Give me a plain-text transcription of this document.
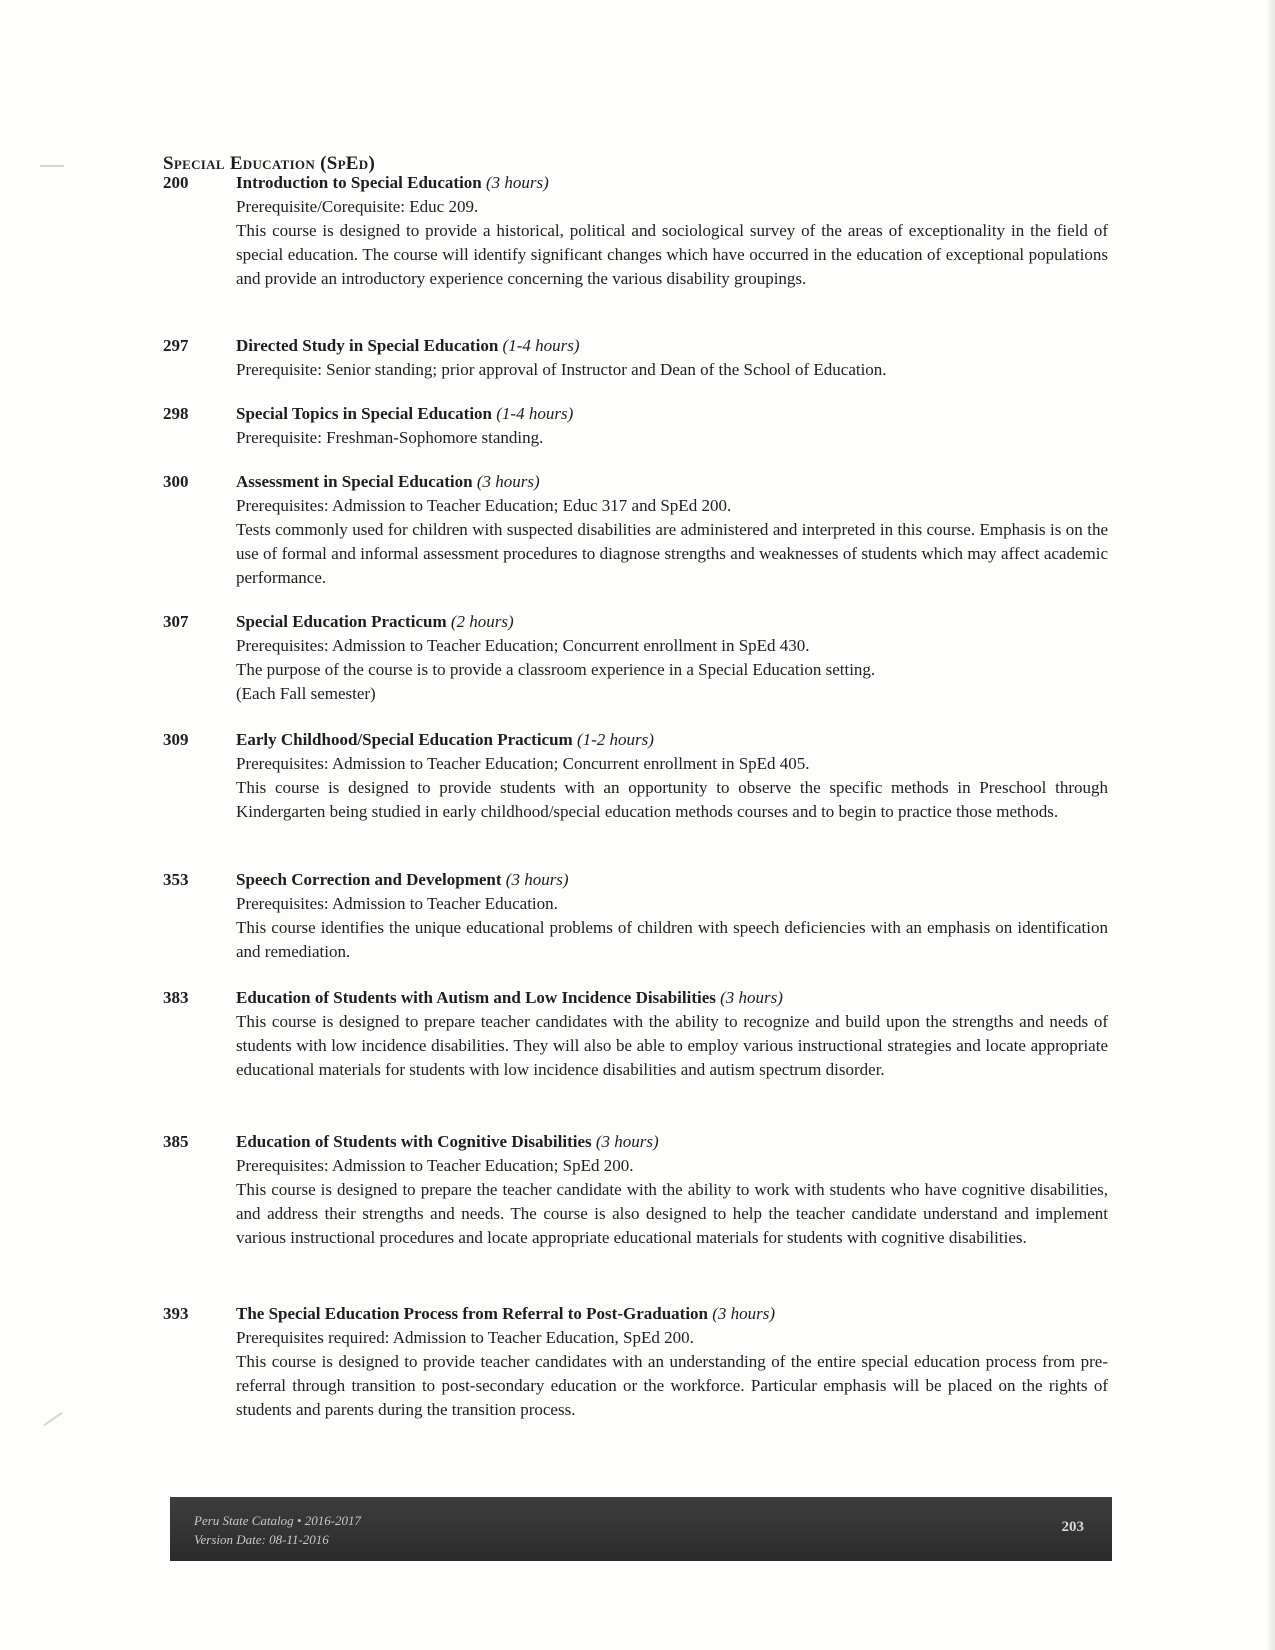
Special Education (SpEd)
200	Introduction to Special Education (3 hours)

Prerequisite/Corequisite: Educ 209.

This course is designed to provide a historical, political and sociological survey of the areas of exceptionality in the field of special education. The course will identify significant changes which have occurred in the education of exceptional populations and provide an introductory experience concerning the various disability groupings.

297	Directed Study in Special Education (1-4 hours)

Prerequisite: Senior standing; prior approval of Instructor and Dean of the School of Education.

298	Special Topics in Special Education (1-4 hours)

Prerequisite: Freshman-Sophomore standing.

300	Assessment in Special Education (3 hours)

Prerequisites: Admission to Teacher Education; Educ 317 and SpEd 200.

Tests commonly used for children with suspected disabilities are administered and interpreted in this course. Emphasis is on the use of formal and informal assessment procedures to diagnose strengths and weaknesses of students which may affect academic performance.

307	Special Education Practicum (2 hours)

Prerequisites: Admission to Teacher Education; Concurrent enrollment in SpEd 430.

The purpose of the course is to provide a classroom experience in a Special Education setting.

(Each Fall semester)

309	Early Childhood/Special Education Practicum (1-2 hours)

Prerequisites: Admission to Teacher Education; Concurrent enrollment in SpEd 405.

This course is designed to provide students with an opportunity to observe the specific methods in Preschool through Kindergarten being studied in early childhood/special education methods courses and to begin to practice those methods.

353	Speech Correction and Development (3 hours)

Prerequisites: Admission to Teacher Education.

This course identifies the unique educational problems of children with speech deficiencies with an emphasis on identification and remediation.

383	Education of Students with Autism and Low Incidence Disabilities (3 hours)

This course is designed to prepare teacher candidates with the ability to recognize and build upon the strengths and needs of students with low incidence disabilities. They will also be able to employ various instructional strategies and locate appropriate educational materials for students with low incidence disabilities and autism spectrum disorder.

385	Education of Students with Cognitive Disabilities (3 hours)

Prerequisites: Admission to Teacher Education; SpEd 200.

This course is designed to prepare the teacher candidate with the ability to work with students who have cognitive disabilities, and address their strengths and needs. The course is also designed to help the teacher candidate understand and implement various instructional procedures and locate appropriate educational materials for students with cognitive disabilities.

393	The Special Education Process from Referral to Post-Graduation (3 hours)

Prerequisites required: Admission to Teacher Education, SpEd 200.

This course is designed to provide teacher candidates with an understanding of the entire special education process from pre-referral through transition to post-secondary education or the workforce. Particular emphasis will be placed on the rights of students and parents during the transition process.

Peru State Catalog • 2016-2017
Version Date: 08-11-2016
203
